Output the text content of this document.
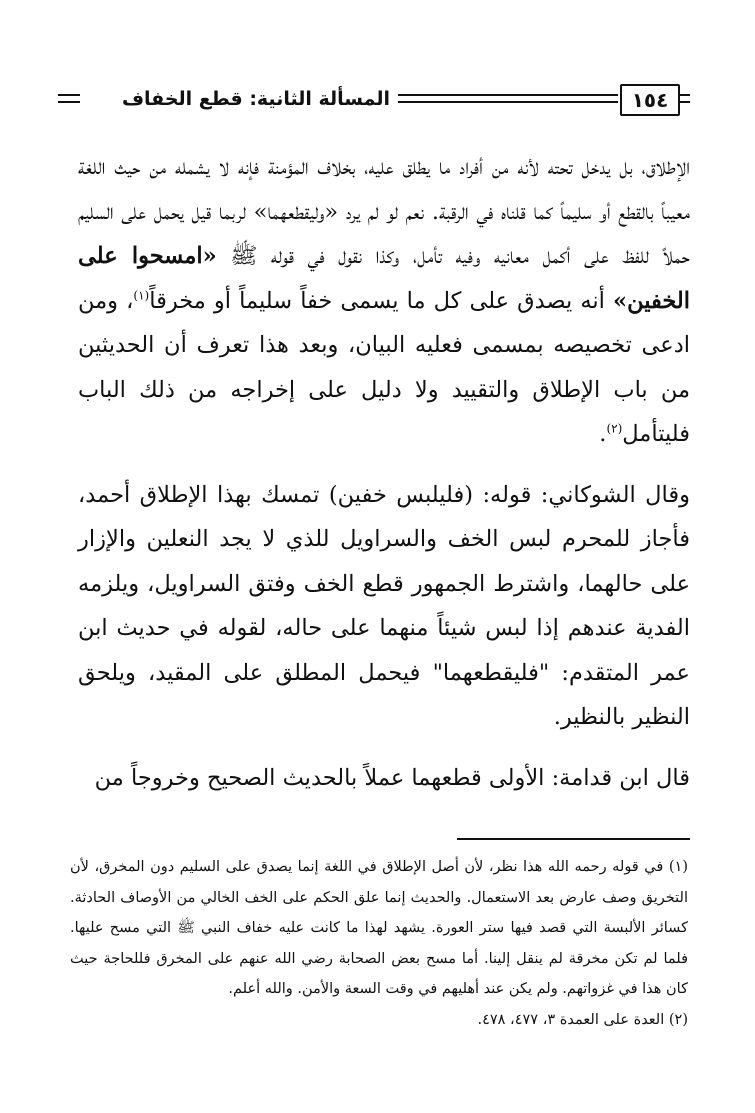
١٥٤
المسألة الثانية: قطع الخفاف

الإطلاق، بل يدخل تحته لأنه من أفراد ما يطلق عليه، بخلاف المؤمنة فإنه لا يشمله من حيث اللغة معيباً بالقطع أو سليماً كما قلناه في الرقبة. نعم لو لم يرد «وليقطعهما» لربما قيل يحمل على السليم حملاً للفظ على أكمل معانيه وفيه تأمل، وكذا نقول في قوله ﷺ «امسحوا على الخفين» أنه يصدق على كل ما يسمى خفاً سليماً أو مخرقاً$^{(١)}$، ومن ادعى تخصيصه بمسمى فعليه البيان، وبعد هذا تعرف أن الحديثين من باب الإطلاق والتقييد ولا دليل على إخراجه من ذلك الباب فليتأمل$^{(٢)}$.

وقال الشوكاني: قوله: (فليلبس خفين) تمسك بهذا الإطلاق أحمد، فأجاز للمحرم لبس الخف والسراويل للذي لا يجد النعلين والإزار على حالهما، واشترط الجمهور قطع الخف وفتق السراويل، ويلزمه الفدية عندهم إذا لبس شيئاً منهما على حاله، لقوله في حديث ابن عمر المتقدم: "فليقطعهما" فيحمل المطلق على المقيد، ويلحق النظير بالنظير.

قال ابن قدامة: الأولى قطعهما عملاً بالحديث الصحيح وخروجاً من

(١) في قوله رحمه الله هذا نظر، لأن أصل الإطلاق في اللغة إنما يصدق على السليم دون المخرق، لأن التخريق وصف عارض بعد الاستعمال. والحديث إنما علق الحكم على الخف الخالي من الأوصاف الحادثة. كسائر الألبسة التي قصد فيها ستر العورة. يشهد لهذا ما كانت عليه خفاف النبي ﷺ التي مسح عليها. فلما لم تكن مخرقة لم ينقل إلينا. أما مسح بعض الصحابة رضي الله عنهم على المخرق فللحاجة حيث كان هذا في غزواتهم. ولم يكن عند أهليهم في وقت السعة والأمن. والله أعلم.

(٢) العدة على العمدة ٣، ٤٧٧، ٤٧٨.
